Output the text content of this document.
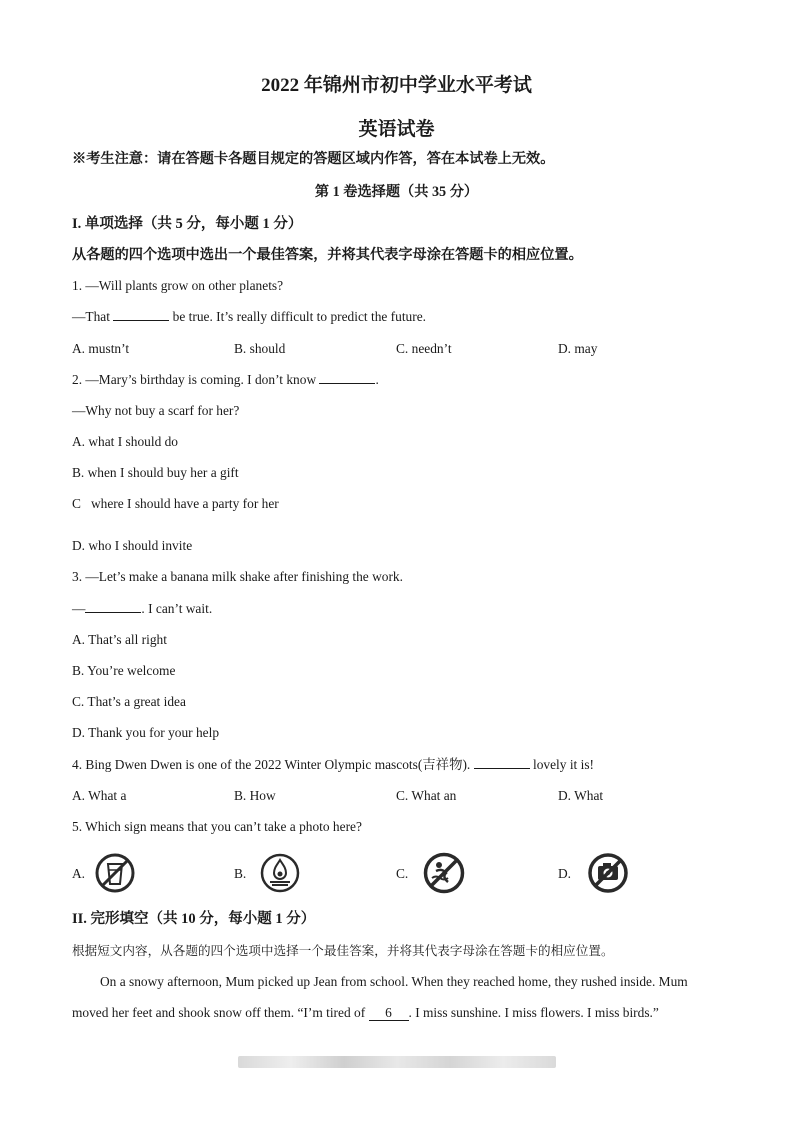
2022 年锦州市初中学业水平考试
英语试卷
※考生注意：请在答题卡各题目规定的答题区域内作答，答在本试卷上无效。
第 1 卷选择题（共 35 分）
I. 单项选择（共 5 分，每小题 1 分）
从各题的四个选项中选出一个最佳答案，并将其代表字母涂在答题卡的相应位置。
1. —Will plants grow on other planets?
—That	be true. It’s really difficult to predict the future.
A. mustn’t	B. should	C. needn’t	D. may
2. —Mary’s birthday is coming. I don’t know	.
—Why not buy a scarf for her?
A. what I should do
B. when I should buy her a gift
C   where I should have a party for her
D. who I should invite
3. —Let’s make a banana milk shake after finishing the work.
—	. I can’t wait.
A. That’s all right
B. You’re welcome
C. That’s a great idea
D. Thank you for your help
4. Bing Dwen Dwen is one of the 2022 Winter Olympic mascots(吉祥物).	lovely it is!
A. What a	B. How	C. What an	D. What
5. Which sign means that you can’t take a photo here?
A.	B.	C.	D.
II. 完形填空（共 10 分，每小题 1 分）
根据短文内容，从各题的四个选项中选择一个最佳答案，并将其代表字母涂在答题卡的相应位置。
On a snowy afternoon, Mum picked up Jean from school. When they reached home, they rushed inside. Mum
moved her feet and shook snow off them. “I’m tired of 6 . I miss sunshine. I miss flowers. I miss birds.”
